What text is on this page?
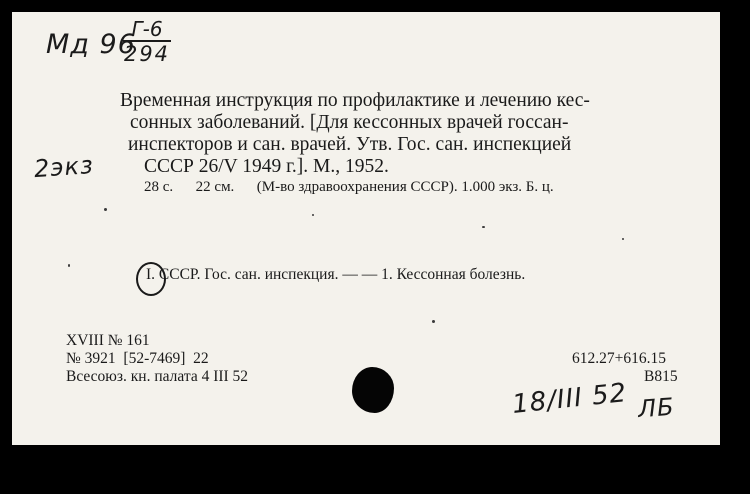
Мд 96
Г-6
294
2экз
Временная инструкция по профилактике и лечению кес-
сонных заболеваний. [Для кессонных врачей госсан-
инспекторов и сан. врачей. Утв. Гос. сан. инспекцией
СССР 26/V 1949 г.]. М., 1952.
28 с.      22 см.      (М-во здравоохранения СССР). 1.000 экз. Б. ц.
I. СССР. Гос. сан. инспекция. — — 1. Кессонная болезнь.
XVIII № 161
№ 3921  [52-7469]  22
Всесоюз. кн. палата 4 III 52
612.27+616.15
В815
18/III 52 ЛБ
